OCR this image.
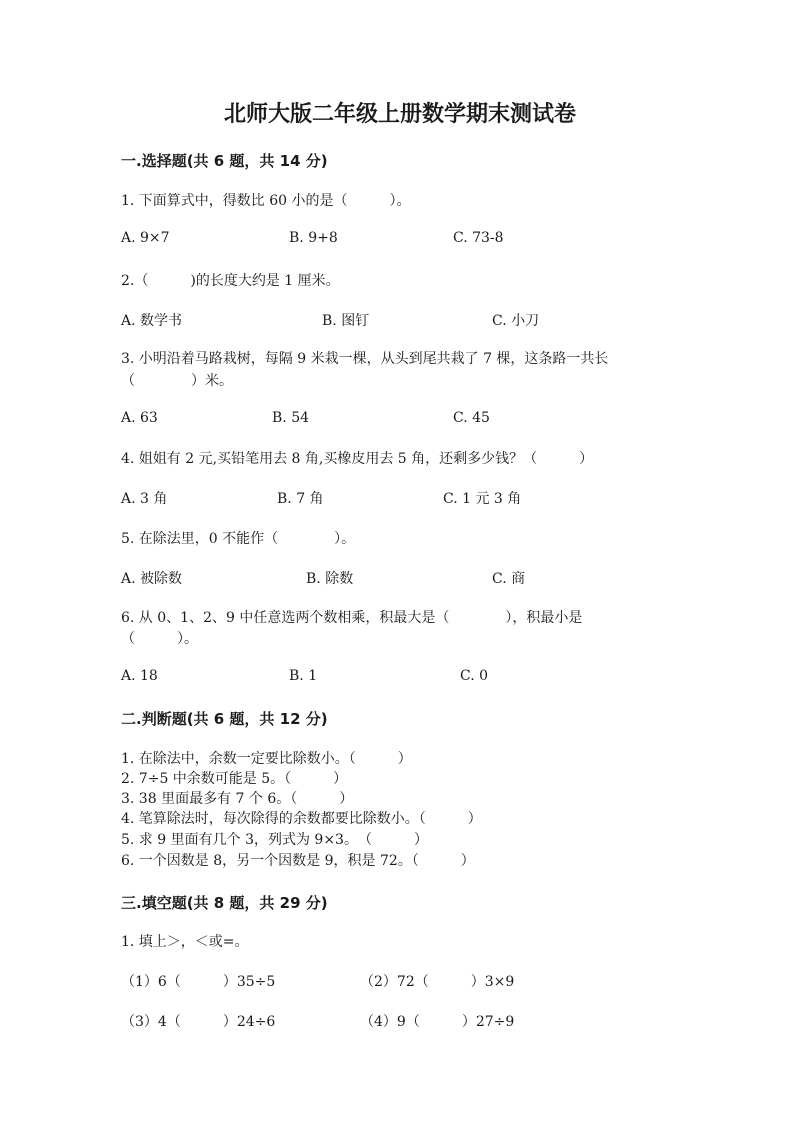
北师大版二年级上册数学期末测试卷
一.选择题(共 6 题，共 14 分)
1. 下面算式中，得数比 60 小的是（　　　）。
A. 9×7	B. 9+8	C. 73-8
2.（　　　)的长度大约是 1 厘米。
A. 数学书	B. 图钉	C. 小刀
3. 小明沿着马路栽树，每隔 9 米栽一棵，从头到尾共栽了 7 棵，这条路一共长
（　　　　）米。
A. 63	B. 54	C. 45
4. 姐姐有 2 元,买铅笔用去 8 角,买橡皮用去 5 角，还剩多少钱？（　　　）
A. 3 角	B. 7 角	C. 1 元 3 角
5. 在除法里，0 不能作（　　　　）。
A. 被除数	B. 除数	C. 商
6. 从 0、1、2、9 中任意选两个数相乘，积最大是（　　　　），积最小是
（　　　）。
A. 18	B. 1	C. 0
二.判断题(共 6 题，共 12 分)
1. 在除法中，余数一定要比除数小。（　　　）
2. 7÷5 中余数可能是 5。（　　　）
3. 38 里面最多有 7 个 6。（　　　）
4. 笔算除法时，每次除得的余数都要比除数小。（　　　）
5. 求 9 里面有几个 3，列式为 9×3。　（　　　）
6. 一个因数是 8，另一个因数是 9，积是 72。（　　　）
三.填空题(共 8 题，共 29 分)
1. 填上＞，＜或=。
（1）6（　　　）35÷5	（2）72（　　　）3×9
（3）4（　　　）24÷6	（4）9（　　　）27÷9
